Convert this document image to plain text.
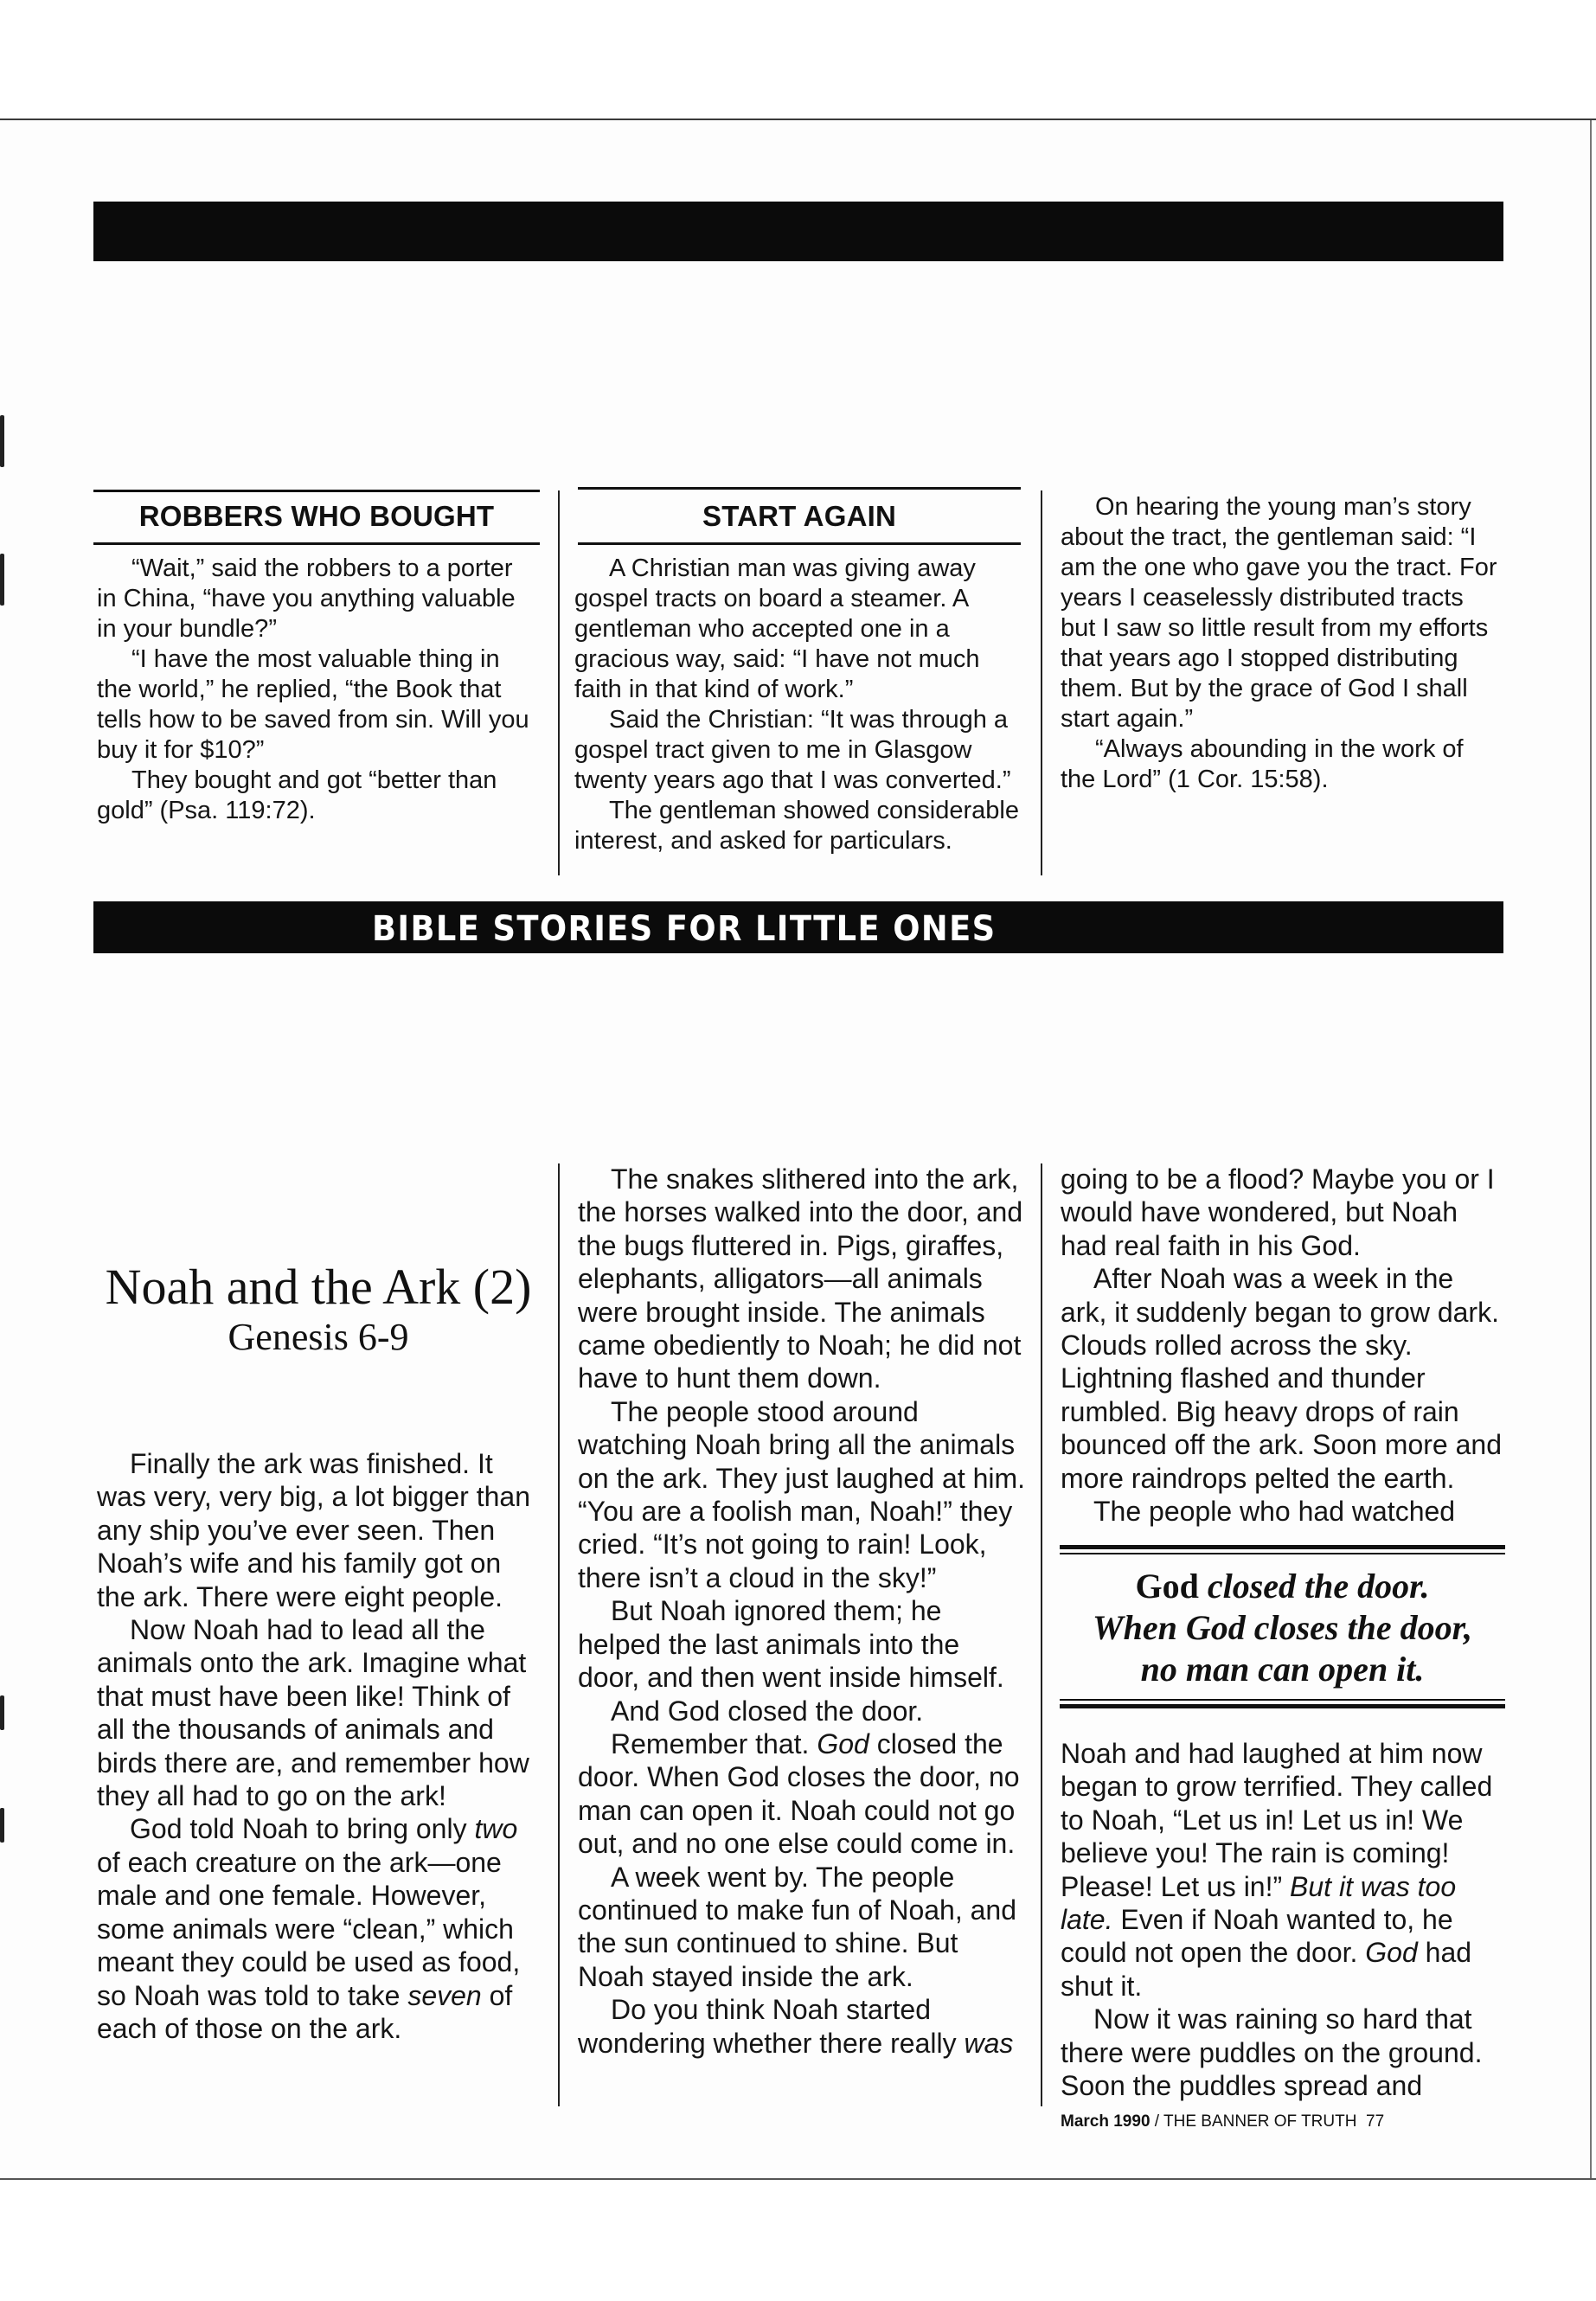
ROBBERS WHO BOUGHT

“Wait,” said the robbers to a porter in China, “have you anything valuable in your bundle?”

“I have the most valuable thing in the world,” he replied, “the Book that tells how to be saved from sin. Will you buy it for $10?”

They bought and got “better than gold” (Psa. 119:72).

START AGAIN

A Christian man was giving away gospel tracts on board a steamer. A gentleman who accepted one in a gracious way, said: “I have not much faith in that kind of work.”

Said the Christian: “It was through a gospel tract given to me in Glasgow twenty years ago that I was converted.”

The gentleman showed considerable interest, and asked for particulars.

On hearing the young man’s story about the tract, the gentleman said: “I am the one who gave you the tract. For years I ceaselessly distributed tracts but I saw so little result from my efforts that years ago I stopped distributing them. But by the grace of God I shall start again.”

“Always abounding in the work of the Lord” (1 Cor. 15:58).

BIBLE STORIES FOR LITTLE ONES
Noah and the Ark (2)
Genesis 6-9

Finally the ark was finished. It was very, very big, a lot bigger than any ship you’ve ever seen. Then Noah’s wife and his family got on the ark. There were eight people.

Now Noah had to lead all the animals onto the ark. Imagine what that must have been like! Think of all the thousands of animals and birds there are, and remember how they all had to go on the ark!

God told Noah to bring only two of each creature on the ark—one male and one female. However, some animals were “clean,” which meant they could be used as food, so Noah was told to take seven of each of those on the ark.

The snakes slithered into the ark, the horses walked into the door, and the bugs fluttered in. Pigs, giraffes, elephants, alligators—all animals were brought inside. The animals came obediently to Noah; he did not have to hunt them down.

The people stood around watching Noah bring all the animals on the ark. They just laughed at him. “You are a foolish man, Noah!” they cried. “It’s not going to rain! Look, there isn’t a cloud in the sky!”

But Noah ignored them; he helped the last animals into the door, and then went inside himself.

And God closed the door.

Remember that. God closed the door. When God closes the door, no man can open it. Noah could not go out, and no one else could come in.

A week went by. The people continued to make fun of Noah, and the sun continued to shine. But Noah stayed inside the ark.

Do you think Noah started wondering whether there really was

going to be a flood? Maybe you or I would have wondered, but Noah had real faith in his God.

After Noah was a week in the ark, it suddenly began to grow dark. Clouds rolled across the sky. Lightning flashed and thunder rumbled. Big heavy drops of rain bounced off the ark. Soon more and more raindrops pelted the earth.

The people who had watched

God closed the door.
When God closes the door,
no man can open it.

Noah and had laughed at him now began to grow terrified. They called to Noah, “Let us in! Let us in! We believe you! The rain is coming! Please! Let us in!” But it was too late. Even if Noah wanted to, he could not open the door. God had shut it.

Now it was raining so hard that there were puddles on the ground. Soon the puddles spread and

March 1990 / THE BANNER OF TRUTH 77
